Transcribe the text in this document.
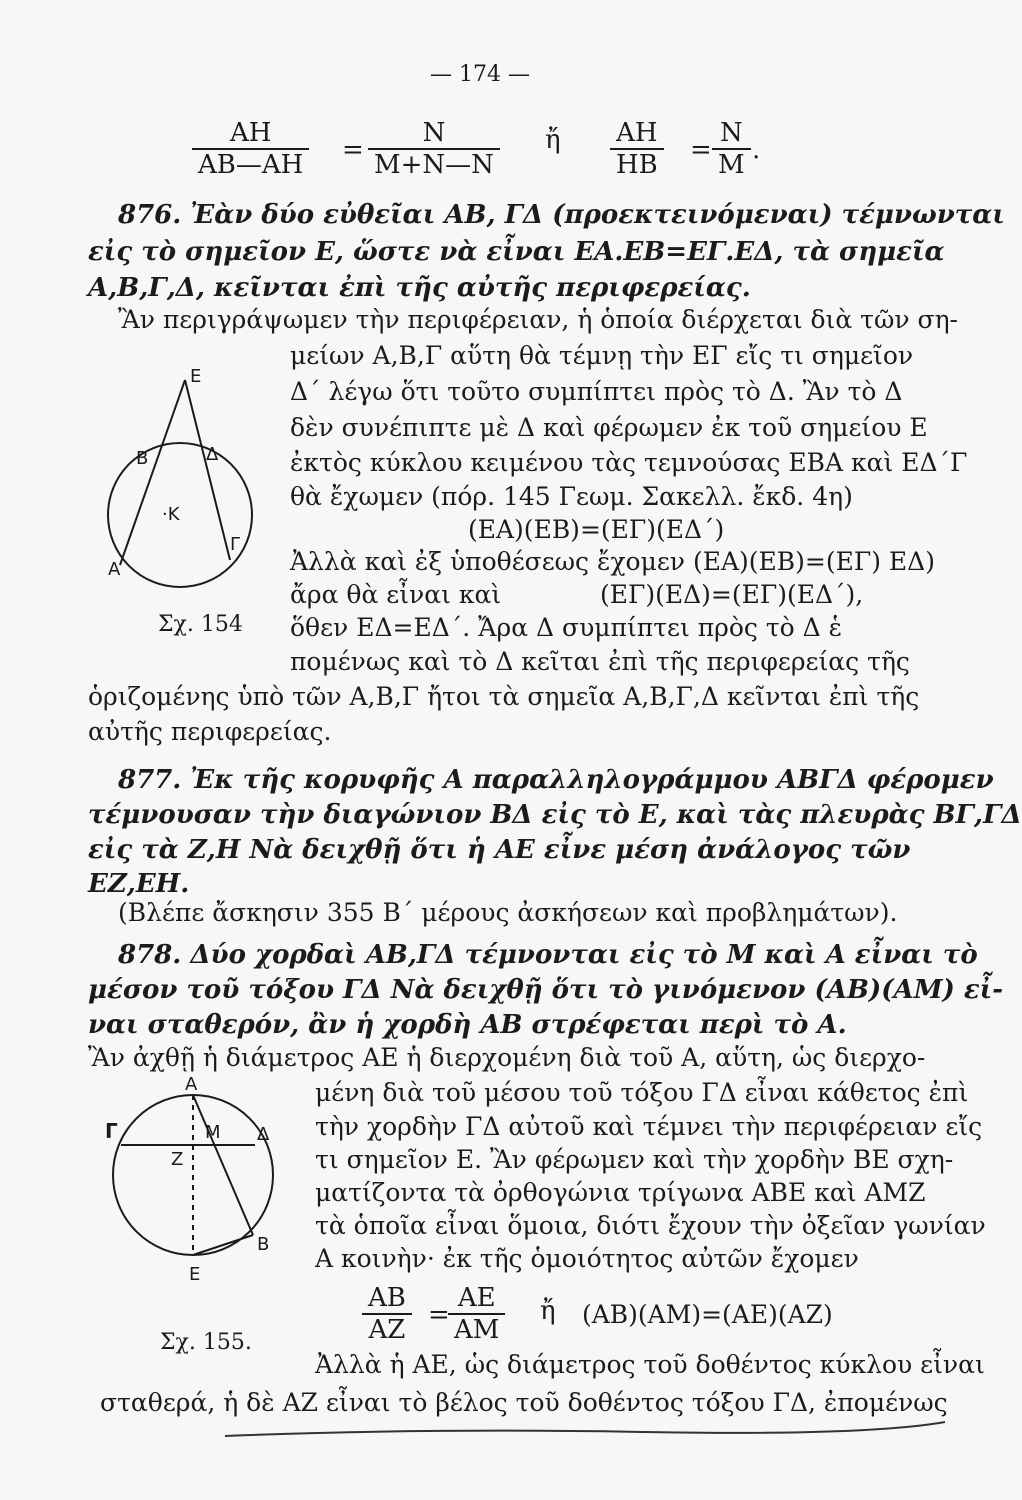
— 174 —
$\frac{AH}{AB—AH} = \frac{N}{M+N—N}$ ἤ $\frac{AH}{HB} = \frac{N}{M}$ .
876. Ἐὰν δύο εὐθεῖαι ΑΒ, ΓΔ (προεκτεινόμεναι) τέμνωνται
εἰς τὸ σημεῖον Ε, ὥστε νὰ εἶναι ΕΑ.ΕΒ=ΕΓ.ΕΔ, τὰ σημεῖα
Α,Β,Γ,Δ, κεῖνται ἐπὶ τῆς αὐτῆς περιφερείας.
Ἂν περιγράψωμεν τὴν περιφέρειαν, ἡ ὁποία διέρχεται διὰ τῶν ση-
μείων Α,Β,Γ αὕτη θὰ τέμνῃ τὴν ΕΓ εἴς τι σημεῖον
Δ΄ λέγω ὅτι τοῦτο συμπίπτει πρὸς τὸ Δ. Ἂν τὸ Δ
δὲν συνέπιπτε μὲ Δ καὶ φέρωμεν ἐκ τοῦ σημείου Ε
ἐκτὸς κύκλου κειμένου τὰς τεμνούσας ΕΒΑ καὶ ΕΔ΄Γ
θὰ ἔχωμεν (πόρ. 145 Γεωμ. Σακελλ. ἔκδ. 4η)
(ΕΑ)(ΕΒ)=(ΕΓ)(ΕΔ΄)
Ἀλλὰ καὶ ἐξ ὑποθέσεως ἔχομεν (ΕΑ)(ΕΒ)=(ΕΓ) ΕΔ)
ἄρα θὰ εἶναι καὶ	(ΕΓ)(ΕΔ)=(ΕΓ)(ΕΔ΄),
ὅθεν ΕΔ=ΕΔ΄. Ἄρα Δ συμπίπτει πρὸς τὸ Δ ἑ
πομένως καὶ τὸ Δ κεῖται ἐπὶ τῆς περιφερείας τῆς
ὁριζομένης ὑπὸ τῶν Α,Β,Γ ἤτοι τὰ σημεῖα Α,Β,Γ,Δ κεῖνται ἐπὶ τῆς
αὐτῆς περιφερείας.
E
B	Δ
·K
Γ
A
Σχ. 154
877. Ἐκ τῆς κορυφῆς Α παραλληλογράμμου ΑΒΓΔ φέρομεν
τέμνουσαν τὴν διαγώνιον ΒΔ εἰς τὸ Ε, καὶ τὰς πλευρὰς ΒΓ,ΓΔ
εἰς τὰ Ζ,Η Νὰ δειχθῇ ὅτι ἡ ΑΕ εἶνε μέση ἀνάλογος τῶν
ΕΖ,ΕΗ.
(Βλέπε ἄσκησιν 355 Β΄ μέρους ἀσκήσεων καὶ προβλημάτων).
878. Δύο χορδαὶ ΑΒ,ΓΔ τέμνονται εἰς τὸ Μ καὶ Α εἶναι τὸ
μέσον τοῦ τόξου ΓΔ Νὰ δειχθῇ ὅτι τὸ γινόμενον (ΑΒ)(ΑΜ) εἶ-
ναι σταθερόν, ἂν ἡ χορδὴ ΑΒ στρέφεται περὶ τὸ Α.
Ἂν ἀχθῇ ἡ διάμετρος ΑΕ ἡ διερχομένη διὰ τοῦ Α, αὕτη, ὡς διερχο-
μένη διὰ τοῦ μέσου τοῦ τόξου ΓΔ εἶναι κάθετος ἐπὶ
τὴν χορδὴν ΓΔ αὐτοῦ καὶ τέμνει τὴν περιφέρειαν εἴς
τι σημεῖον Ε. Ἂν φέρωμεν καὶ τὴν χορδὴν ΒΕ σχη-
ματίζοντα τὰ ὀρθογώνια τρίγωνα ΑΒΕ καὶ ΑΜΖ
τὰ ὁποῖα εἶναι ὅμοια, διότι ἔχουν τὴν ὀξεῖαν γωνίαν
Α κοινὴν· ἐκ τῆς ὁμοιότητος αὐτῶν ἔχομεν
$\frac{AB}{AZ}$ =
$\frac{AE}{AM}$ ἤ (ΑΒ)(ΑΜ)=(ΑΕ)(ΑΖ)
Ἀλλὰ ἡ ΑΕ, ὡς διάμετρος τοῦ δοθέντος κύκλου εἶναι
σταθερά, ἡ δὲ ΑΖ εἶναι τὸ βέλος τοῦ δοθέντος τόξου ΓΔ, ἐπομένως
A
Γ	M Δ
Z
B
E
Σχ. 155.
